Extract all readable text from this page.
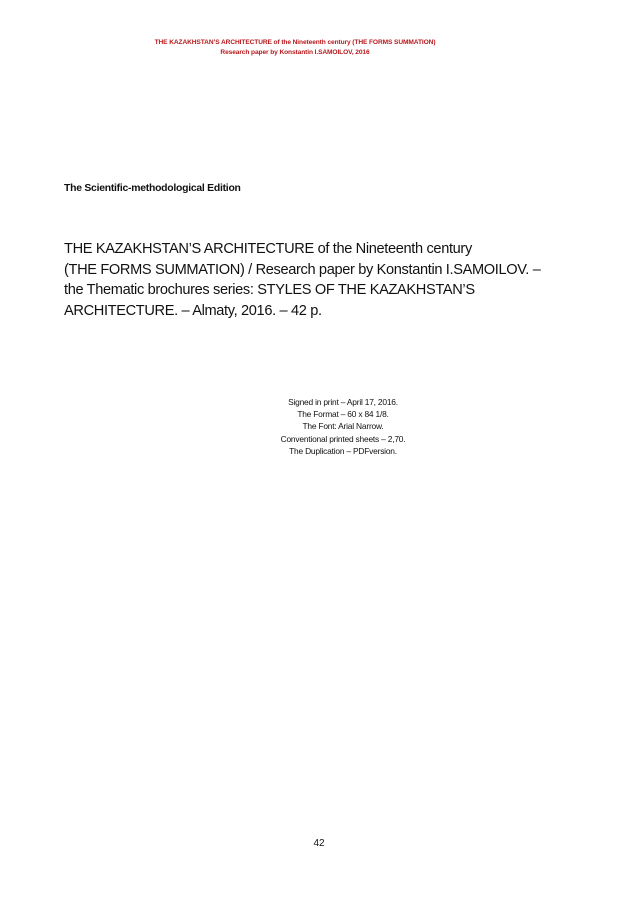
THE KAZAKHSTAN’S ARCHITECTURE of the Nineteenth century (THE FORMS SUMMATION)
Research paper by Konstantin I.SAMOILOV, 2016
The Scientific-methodological Edition
THE KAZAKHSTAN’S ARCHITECTURE of the Nineteenth century
(THE FORMS SUMMATION) / Research paper by Konstantin I.SAMOILOV. –
the Thematic brochures series: STYLES OF THE KAZAKHSTAN’S
ARCHITECTURE. – Almaty, 2016. – 42 p.
Signed in print – April 17, 2016.
The Format – 60 x 84 1/8.
The Font: Arial Narrow.
Conventional printed sheets – 2,70.
The Duplication – PDFversion.
42
